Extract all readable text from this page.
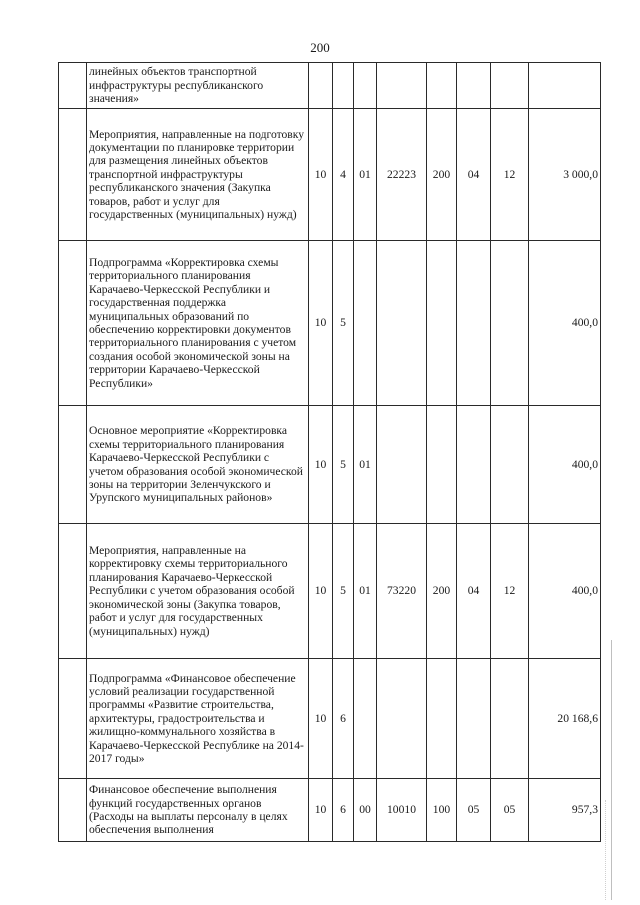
200
	линейных объектов транспортной инфраструктуры республиканского значения»								
	Мероприятия, направленные на подготовку документации по планировке территории для размещения линейных объектов транспортной инфраструктуры республиканского значения (Закупка товаров, работ и услуг для государственных (муниципальных) нужд)	10	4	01	22223	200	04	12	3 000,0
	Подпрограмма «Корректировка схемы территориального планирования Карачаево-Черкесской Республики и государственная поддержка муниципальных образований по обеспечению корректировки документов территориального планирования с учетом создания особой экономической зоны на территории Карачаево-Черкесской Республики»	10	5						400,0
	Основное мероприятие «Корректировка схемы территориального планирования Карачаево-Черкесской Республики с учетом образования особой экономической зоны на территории Зеленчукского и Урупского муниципальных районов»	10	5	01					400,0
	Мероприятия, направленные на корректировку схемы территориального планирования Карачаево-Черкесской Республики с учетом образования особой экономической зоны (Закупка товаров, работ и услуг для государственных (муниципальных) нужд)	10	5	01	73220	200	04	12	400,0
	Подпрограмма «Финансовое обеспечение условий реализации государственной программы «Развитие строительства, архитектуры, градостроительства и жилищно-коммунального хозяйства в Карачаево-Черкесской Республике на 2014-2017 годы»	10	6						20 168,6
	Финансовое обеспечение выполнения функций государственных органов (Расходы на выплаты персоналу в целях обеспечения выполнения	10	6	00	10010	100	05	05	957,3
